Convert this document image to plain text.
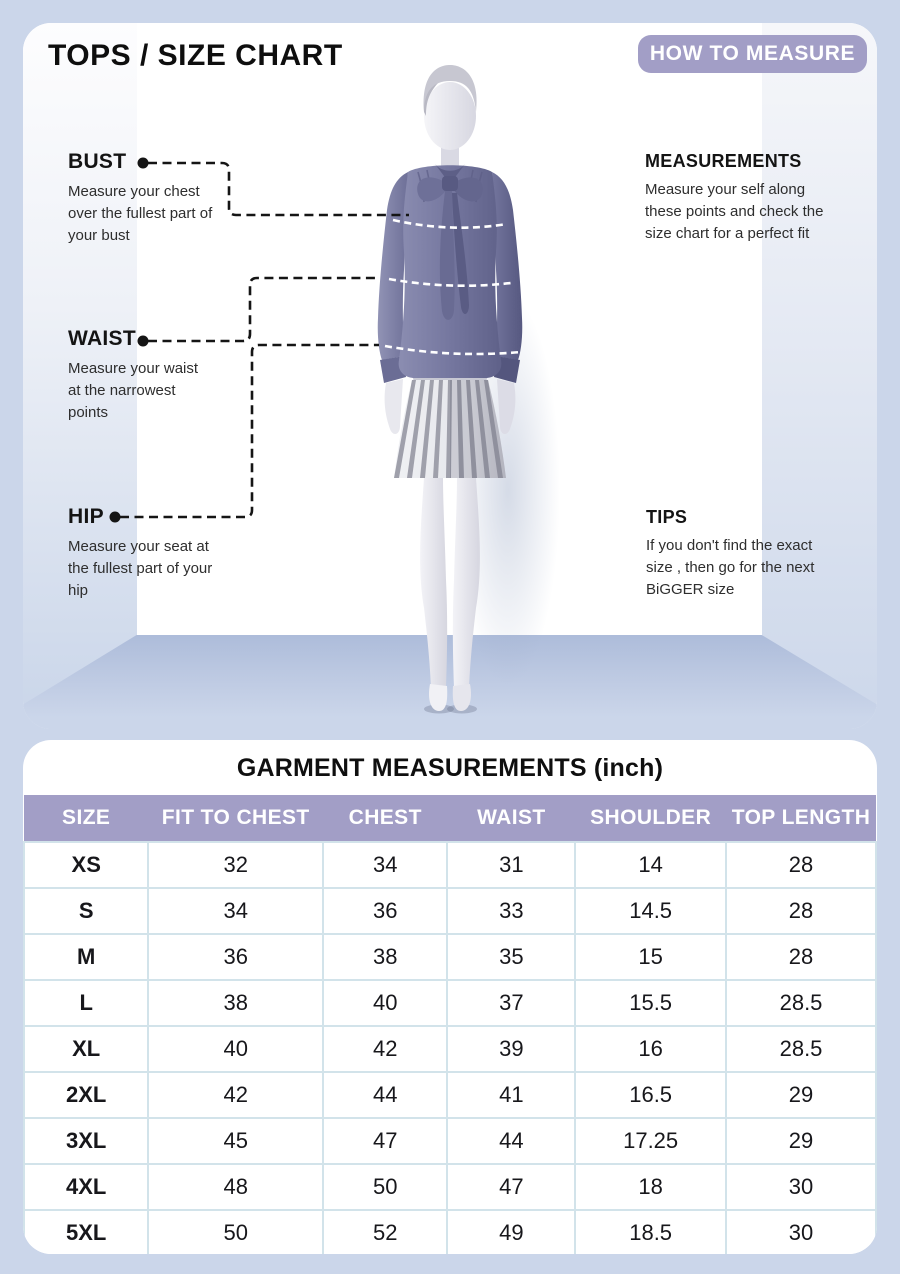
TOPS / SIZE CHART	HOW TO MEASURE
BUST

Measure your chest over the fullest part of your bust

WAIST

Measure your waist at the narrowest points

HIP

Measure your seat at the fullest part of your hip

MEASUREMENTS

Measure your self along these points and check the size chart for a perfect fit

TIPS

If you don't find the exact size , then go for the next BiGGER size

GARMENT MEASUREMENTS (inch)
SIZE	FIT TO CHEST	CHEST	WAIST	SHOULDER	TOP LENGTH
XS	32	34	31	14	28
S	34	36	33	14.5	28
M	36	38	35	15	28
L	38	40	37	15.5	28.5
XL	40	42	39	16	28.5
2XL	42	44	41	16.5	29
3XL	45	47	44	17.25	29
4XL	48	50	47	18	30
5XL	50	52	49	18.5	30
